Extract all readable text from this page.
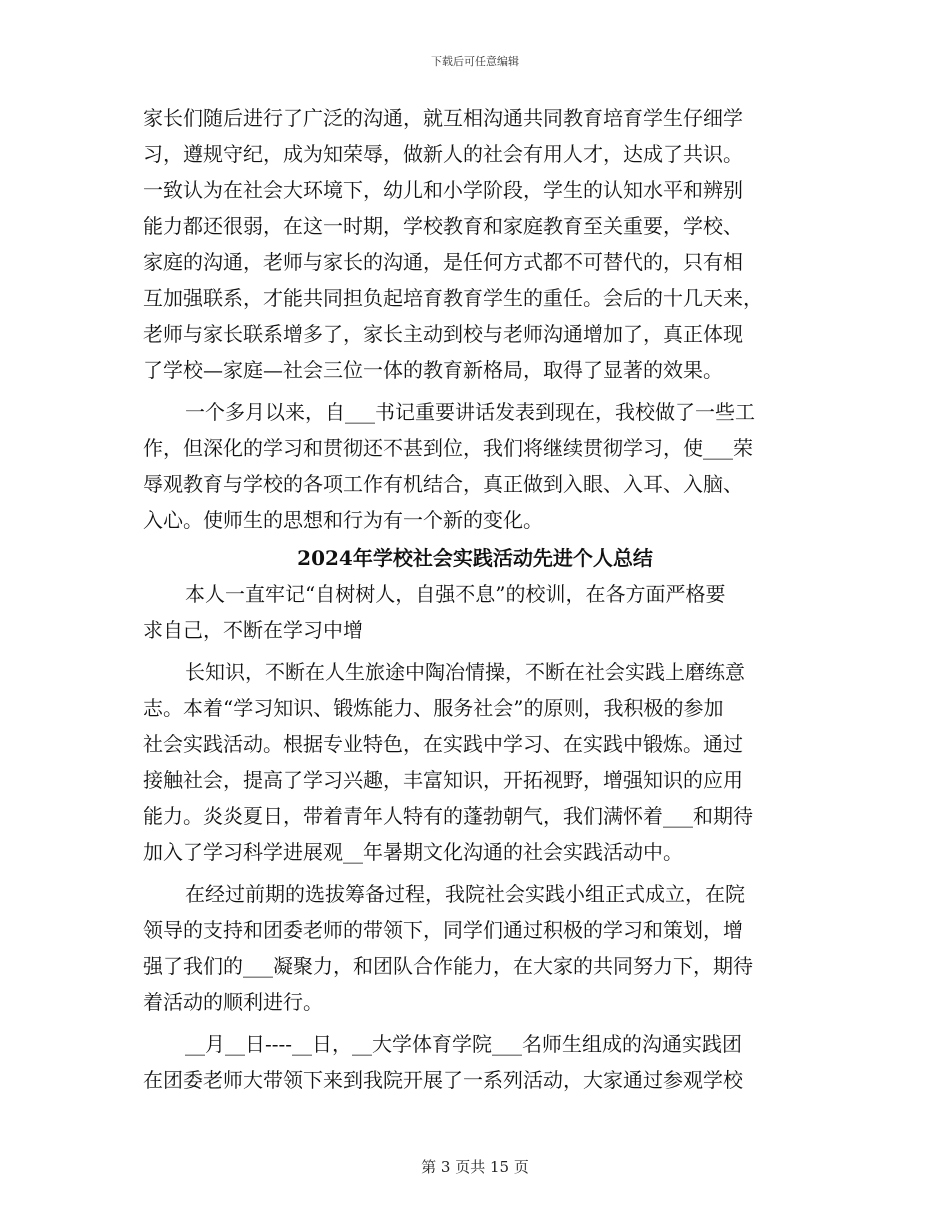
下载后可任意编辑
家长们随后进行了广泛的沟通，就互相沟通共同教育培育学生仔细学
习，遵规守纪，成为知荣辱，做新人的社会有用人才，达成了共识。
一致认为在社会大环境下，幼儿和小学阶段，学生的认知水平和辨别
能力都还很弱，在这一时期，学校教育和家庭教育至关重要，学校、
家庭的沟通，老师与家长的沟通，是任何方式都不可替代的，只有相
互加强联系，才能共同担负起培育教育学生的重任。会后的十几天来，
老师与家长联系增多了，家长主动到校与老师沟通增加了，真正体现
了学校—家庭—社会三位一体的教育新格局，取得了显著的效果。
一个多月以来，自___书记重要讲话发表到现在，我校做了一些工
作，但深化的学习和贯彻还不甚到位，我们将继续贯彻学习，使___荣
辱观教育与学校的各项工作有机结合，真正做到入眼、入耳、入脑、
入心。使师生的思想和行为有一个新的变化。
2024年学校社会实践活动先进个人总结
本人一直牢记“自树树人，自强不息”的校训，在各方面严格要
求自己，不断在学习中增
长知识，不断在人生旅途中陶冶情操，不断在社会实践上磨练意
志。本着“学习知识、锻炼能力、服务社会”的原则，我积极的参加
社会实践活动。根据专业特色，在实践中学习、在实践中锻炼。通过
接触社会，提高了学习兴趣，丰富知识，开拓视野，增强知识的应用
能力。炎炎夏日，带着青年人特有的蓬勃朝气，我们满怀着___和期待
加入了学习科学进展观__年暑期文化沟通的社会实践活动中。
在经过前期的选拔筹备过程，我院社会实践小组正式成立，在院
领导的支持和团委老师的带领下，同学们通过积极的学习和策划，增
强了我们的___凝聚力，和团队合作能力，在大家的共同努力下，期待
着活动的顺利进行。
__月__日----__日，__大学体育学院___名师生组成的沟通实践团
在团委老师大带领下来到我院开展了一系列活动，大家通过参观学校
第 3 页共 15 页
